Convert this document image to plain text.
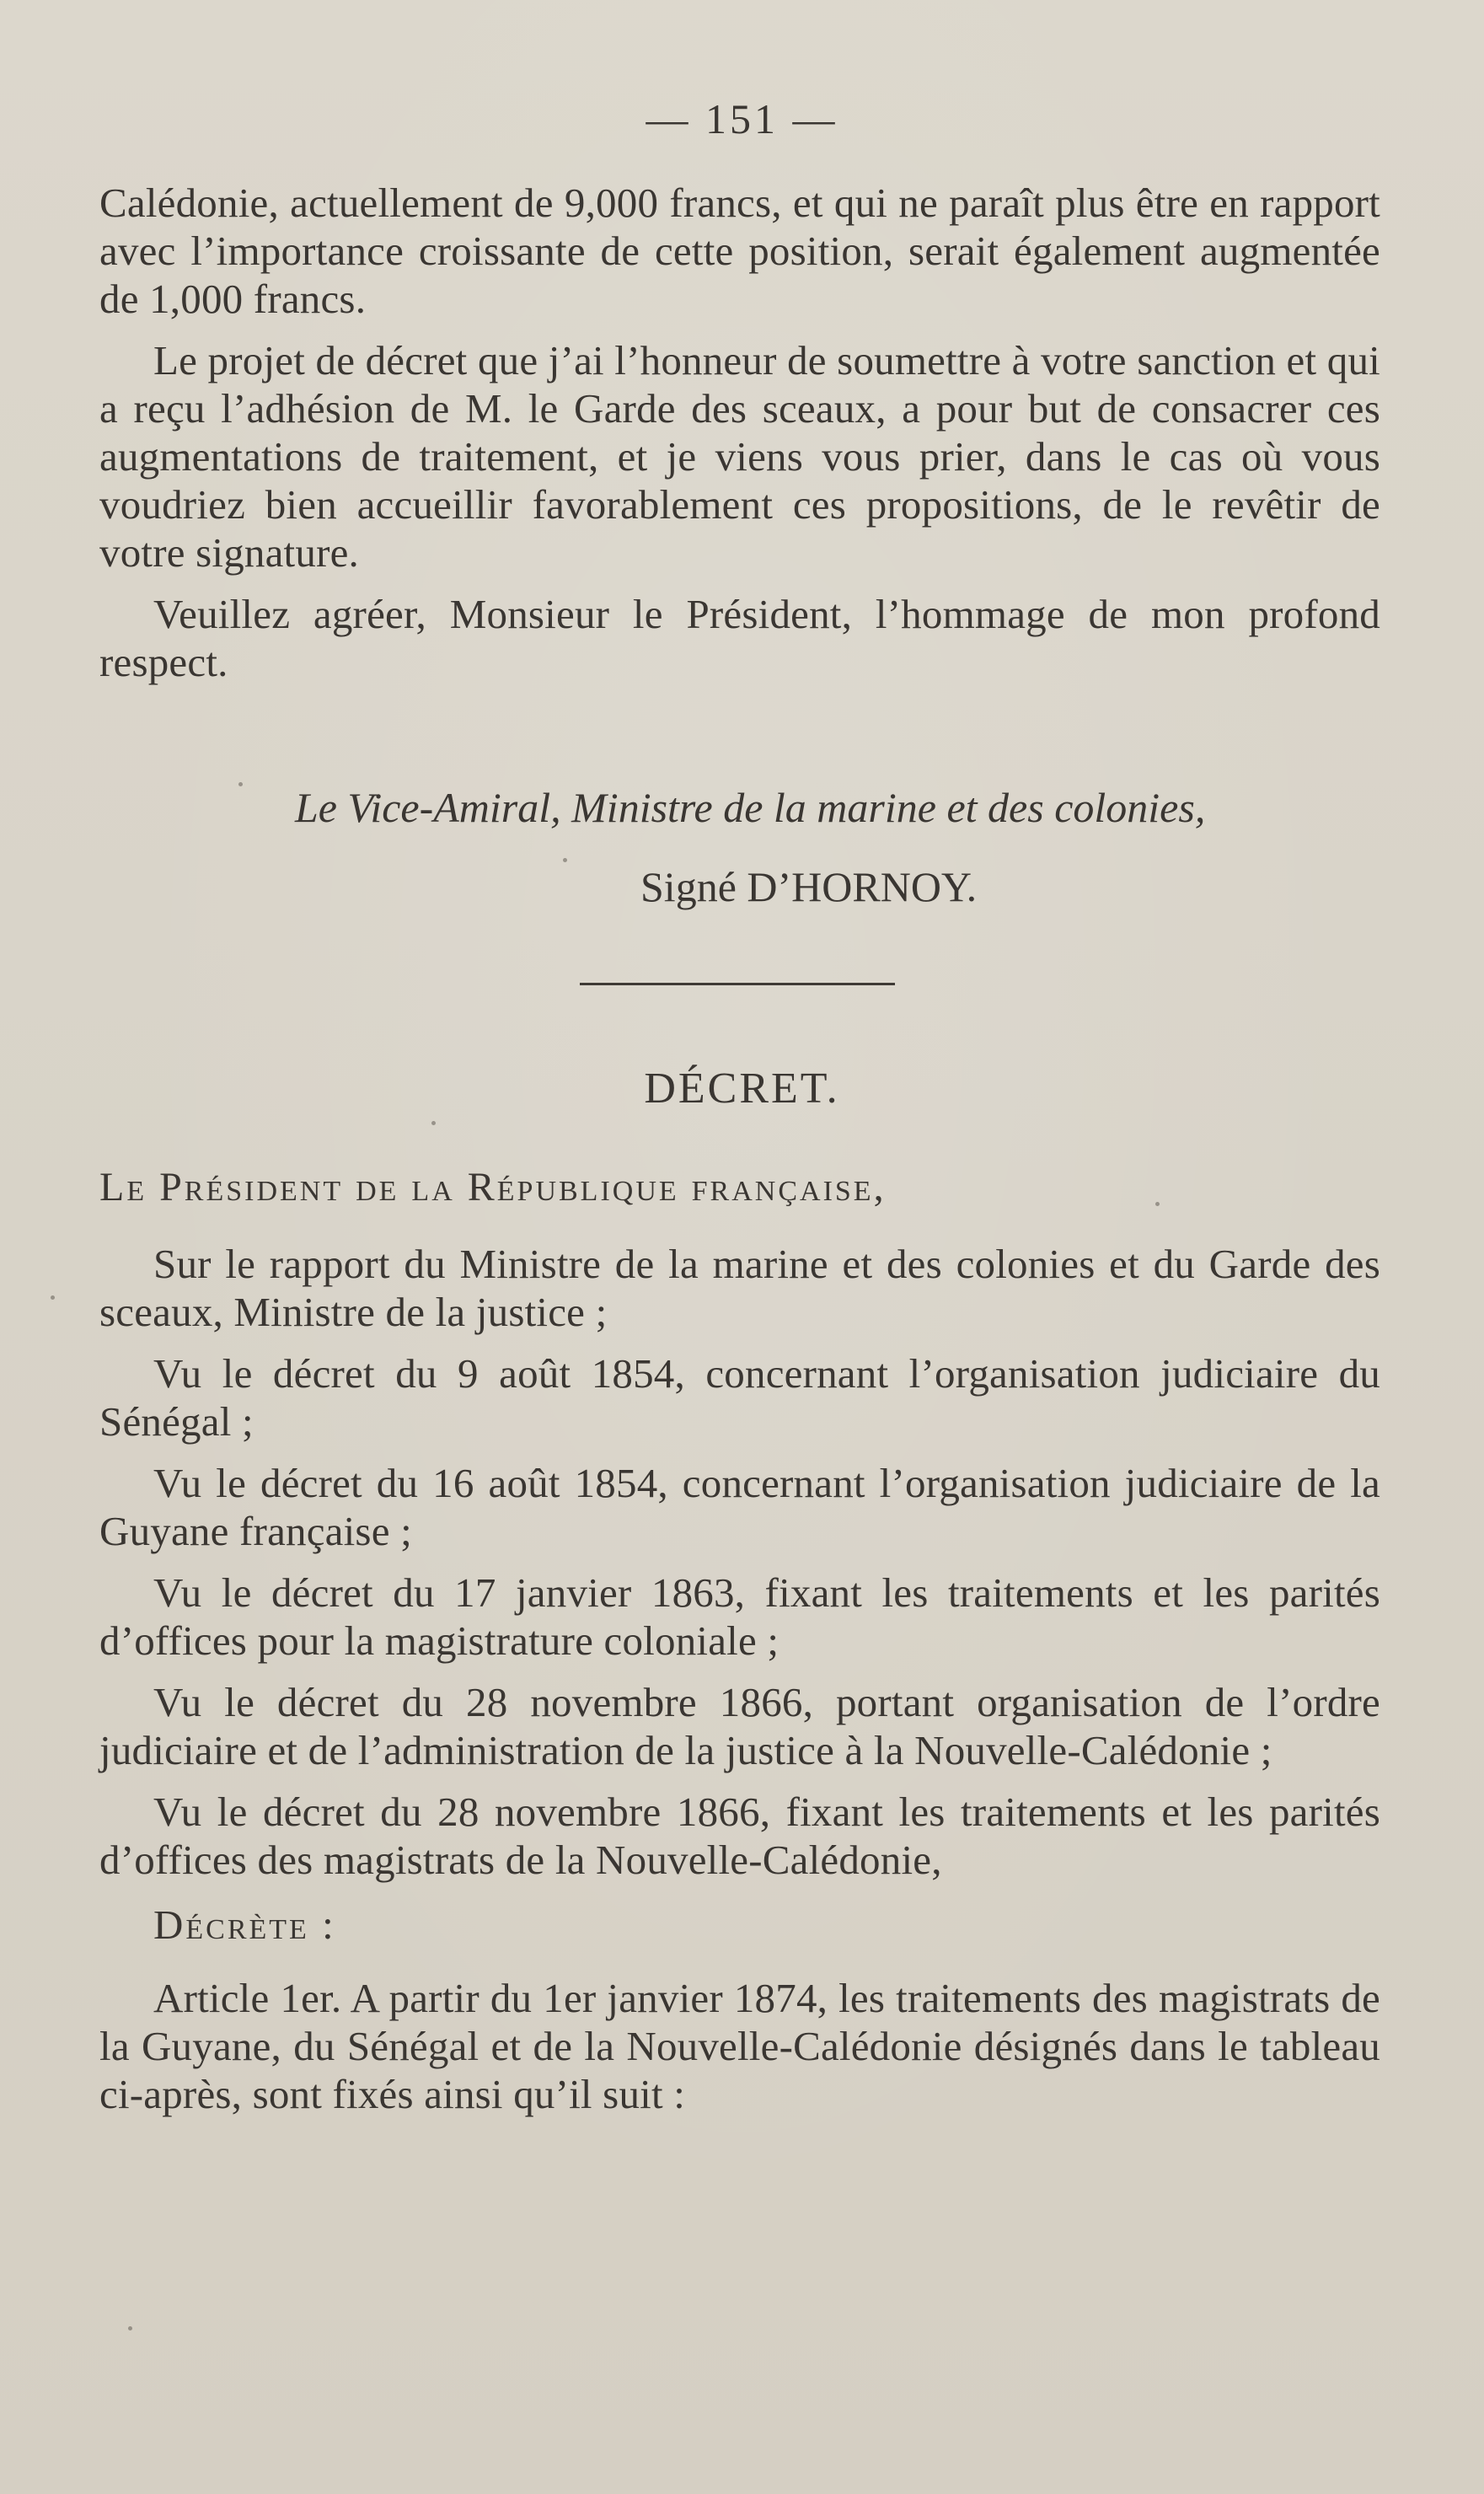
— 151 —

Calédonie, actuellement de 9,000 francs, et qui ne paraît plus être en rapport avec l’importance croissante de cette position, serait également augmentée de 1,000 francs.

Le projet de décret que j’ai l’honneur de soumettre à votre sanction et qui a reçu l’adhésion de M. le Garde des sceaux, a pour but de consacrer ces augmentations de traitement, et je viens vous prier, dans le cas où vous voudriez bien accueillir favorablement ces propositions, de le revêtir de votre signature.

Veuillez agréer, Monsieur le Président, l’hommage de mon profond respect.

Le Vice-Amiral, Ministre de la marine et des colonies,
Signé D’HORNOY.
DÉCRET.

Le Président de la République française,

Sur le rapport du Ministre de la marine et des colonies et du Garde des sceaux, Ministre de la justice ;

Vu le décret du 9 août 1854, concernant l’organisation judiciaire du Sénégal ;

Vu le décret du 16 août 1854, concernant l’organisation judiciaire de la Guyane française ;

Vu le décret du 17 janvier 1863, fixant les traitements et les parités d’offices pour la magistrature coloniale ;

Vu le décret du 28 novembre 1866, portant organisation de l’ordre judiciaire et de l’administration de la justice à la Nouvelle-Calédonie ;

Vu le décret du 28 novembre 1866, fixant les traitements et les parités d’offices des magistrats de la Nouvelle-Calédonie,

Décrète :

Article 1er. A partir du 1er janvier 1874, les traitements des magistrats de la Guyane, du Sénégal et de la Nouvelle-Calédonie désignés dans le tableau ci-après, sont fixés ainsi qu’il suit :
